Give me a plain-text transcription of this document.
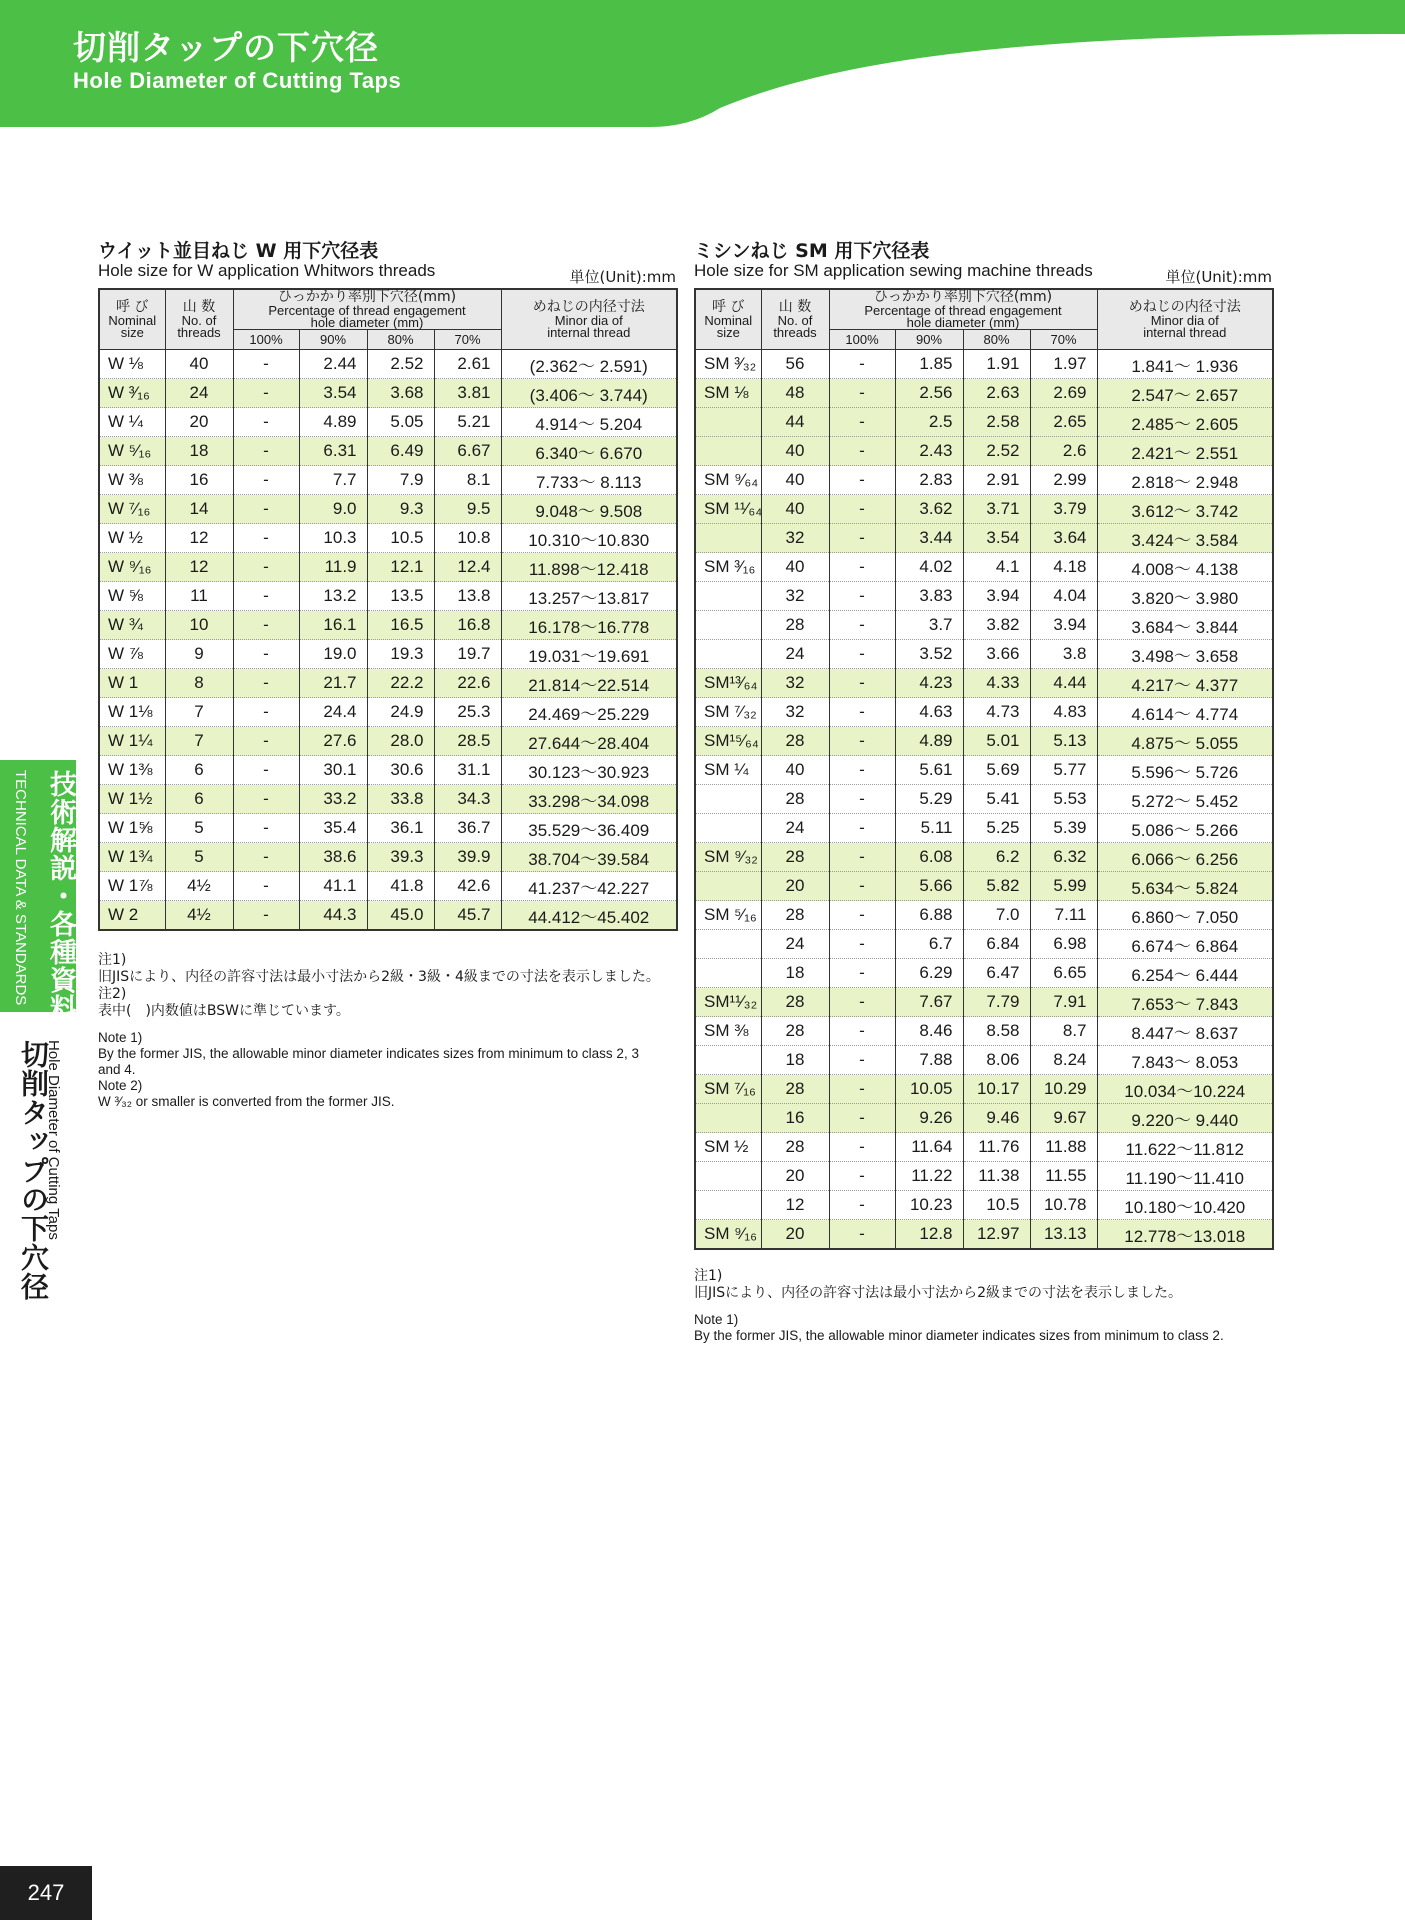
切削タップの下穴径
Hole Diameter of Cutting Taps
ウイット並目ねじ W 用下穴径表
Hole size for W application Whitwors threads	単位(Unit):mm
ミシンねじ SM 用下穴径表
Hole size for SM application sewing machine threads	単位(Unit):mm
呼 び
Nominal
size	山 数
No. of
threads	ひっかかり率別下穴径(mm)
Percentage of thread engagement
hole diameter (mm)				めねじの内径寸法
Minor dia of
internal thread

		100%	90%	80%	70%	
W ⅛	40	-	2.44	2.52	2.61	(2.362～ 2.591)
W ³⁄₁₆	24	-	3.54	3.68	3.81	(3.406～ 3.744)
W ¼	20	-	4.89	5.05	5.21	4.914～ 5.204
W ⁵⁄₁₆	18	-	6.31	6.49	6.67	6.340～ 6.670
W ⅜	16	-	7.7	7.9	8.1	7.733～ 8.113
W ⁷⁄₁₆	14	-	9.0	9.3	9.5	9.048～ 9.508
W ½	12	-	10.3	10.5	10.8	10.310～10.830
W ⁹⁄₁₆	12	-	11.9	12.1	12.4	11.898～12.418
W ⅝	11	-	13.2	13.5	13.8	13.257～13.817
W ¾	10	-	16.1	16.5	16.8	16.178～16.778
W ⅞	9	-	19.0	19.3	19.7	19.031～19.691
W 1	8	-	21.7	22.2	22.6	21.814～22.514
W 1⅛	7	-	24.4	24.9	25.3	24.469～25.229
W 1¼	7	-	27.6	28.0	28.5	27.644～28.404
W 1⅜	6	-	30.1	30.6	31.1	30.123～30.923
W 1½	6	-	33.2	33.8	34.3	33.298～34.098
W 1⅝	5	-	35.4	36.1	36.7	35.529～36.409
W 1¾	5	-	38.6	39.3	39.9	38.704～39.584
W 1⅞	4½	-	41.1	41.8	42.6	41.237～42.227
W 2	4½	-	44.3	45.0	45.7	44.412～45.402
注1)
旧JISにより、内径の許容寸法は最小寸法から2級・3級・4級までの寸法を表示しました。
注2)
表中(　)内数値はBSWに準じています。
Note 1)
By the former JIS, the allowable minor diameter indicates sizes from minimum to class 2, 3 and 4.
Note 2)
W ³⁄₃₂ or smaller is converted from the former JIS.
呼 び
Nominal
size	山 数
No. of
threads	ひっかかり率別下穴径(mm)
Percentage of thread engagement
hole diameter (mm)				めねじの内径寸法
Minor dia of
internal thread

		100%	90%	80%	70%	
SM ³⁄₃₂	56	-	1.85	1.91	1.97	1.841～ 1.936
SM ⅛	48	-	2.56	2.63	2.69	2.547～ 2.657
	44	-	2.5	2.58	2.65	2.485～ 2.605
	40	-	2.43	2.52	2.6	2.421～ 2.551
SM ⁹⁄₆₄	40	-	2.83	2.91	2.99	2.818～ 2.948
SM ¹¹⁄₆₄	40	-	3.62	3.71	3.79	3.612～ 3.742
	32	-	3.44	3.54	3.64	3.424～ 3.584
SM ³⁄₁₆	40	-	4.02	4.1	4.18	4.008～ 4.138
	32	-	3.83	3.94	4.04	3.820～ 3.980
	28	-	3.7	3.82	3.94	3.684～ 3.844
	24	-	3.52	3.66	3.8	3.498～ 3.658
SM¹³⁄₆₄	32	-	4.23	4.33	4.44	4.217～ 4.377
SM ⁷⁄₃₂	32	-	4.63	4.73	4.83	4.614～ 4.774
SM¹⁵⁄₆₄	28	-	4.89	5.01	5.13	4.875～ 5.055
SM ¼	40	-	5.61	5.69	5.77	5.596～ 5.726
	28	-	5.29	5.41	5.53	5.272～ 5.452
	24	-	5.11	5.25	5.39	5.086～ 5.266
SM ⁹⁄₃₂	28	-	6.08	6.2	6.32	6.066～ 6.256
	20	-	5.66	5.82	5.99	5.634～ 5.824
SM ⁵⁄₁₆	28	-	6.88	7.0	7.11	6.860～ 7.050
	24	-	6.7	6.84	6.98	6.674～ 6.864
	18	-	6.29	6.47	6.65	6.254～ 6.444
SM¹¹⁄₃₂	28	-	7.67	7.79	7.91	7.653～ 7.843
SM ⅜	28	-	8.46	8.58	8.7	8.447～ 8.637
	18	-	7.88	8.06	8.24	7.843～ 8.053
SM ⁷⁄₁₆	28	-	10.05	10.17	10.29	10.034～10.224
	16	-	9.26	9.46	9.67	9.220～ 9.440
SM ½	28	-	11.64	11.76	11.88	11.622～11.812
	20	-	11.22	11.38	11.55	11.190～11.410
	12	-	10.23	10.5	10.78	10.180～10.420
SM ⁹⁄₁₆	20	-	12.8	12.97	13.13	12.778～13.018
注1)
旧JISにより、内径の許容寸法は最小寸法から2級までの寸法を表示しました。
Note 1)
By the former JIS, the allowable minor diameter indicates sizes from minimum to class 2.
技術解説・各種資料
TECHNICAL DATA & STANDARDS
切削タップの下穴径
Hole Diameter of Cutting Taps
247
